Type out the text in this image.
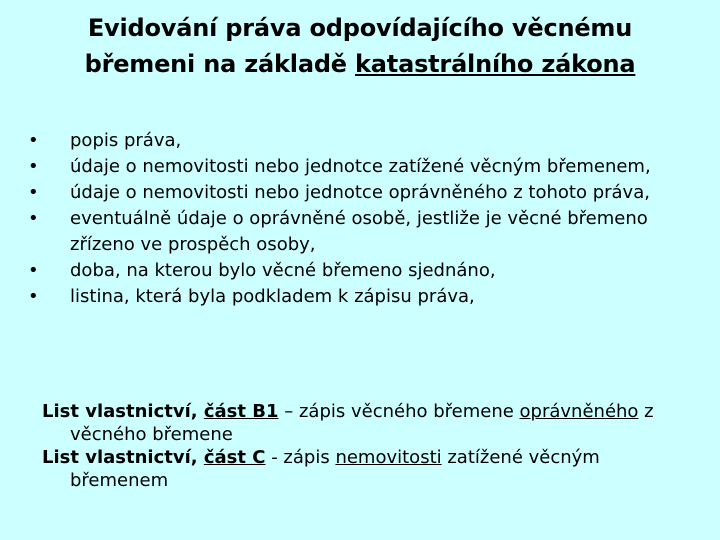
Evidování práva odpovídajícího věcnému
břemeni na základě katastrálního zákona
•	popis práva,
•	údaje o nemovitosti nebo jednotce zatížené věcným břemenem,
•	údaje o nemovitosti nebo jednotce oprávněného z tohoto práva,
•	eventuálně údaje o oprávněné osobě, jestliže je věcné břemeno zřízeno ve prospěch osoby,
•	doba, na kterou bylo věcné břemeno sjednáno,
•	listina, která byla podkladem k zápisu práva,
List vlastnictví, část B1 – zápis věcného břemene oprávněného z věcného břemene
List vlastnictví, část C - zápis nemovitosti zatížené věcným břemenem
